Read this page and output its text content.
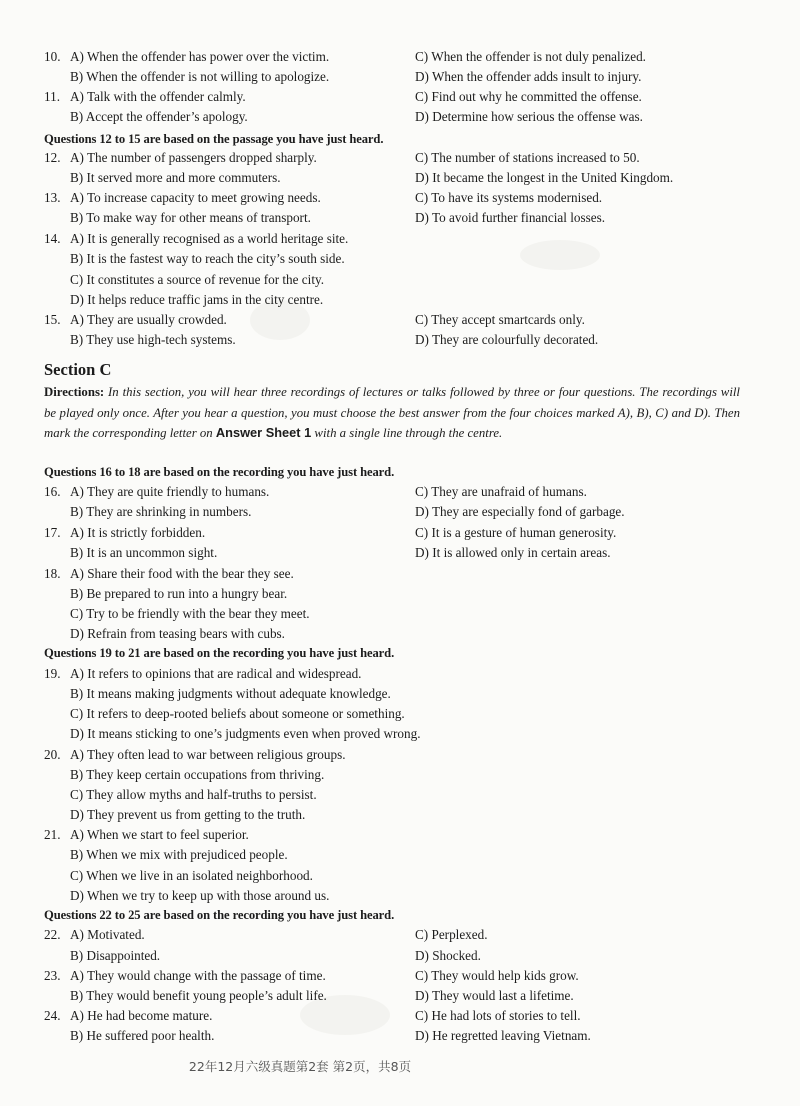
10. A) When the offender has power over the victim.	C) When the offender is not duly penalized.
B) When the offender is not willing to apologize.	D) When the offender adds insult to injury.
11. A) Talk with the offender calmly.	C) Find out why he committed the offense.
B) Accept the offender’s apology.	D) Determine how serious the offense was.
12. A) The number of passengers dropped sharply.	C) The number of stations increased to 50.
B) It served more and more commuters.	D) It became the longest in the United Kingdom.
13. A) To increase capacity to meet growing needs.	C) To have its systems modernised.
B) To make way for other means of transport.	D) To avoid further financial losses.
14. A) It is generally recognised as a world heritage site.
B) It is the fastest way to reach the city’s south side.
C) It constitutes a source of revenue for the city.
D) It helps reduce traffic jams in the city centre.
15. A) They are usually crowded.	C) They accept smartcards only.
B) They use high-tech systems.	D) They are colourfully decorated.
16. A) They are quite friendly to humans.	C) They are unafraid of humans.
B) They are shrinking in numbers.	D) They are especially fond of garbage.
17. A) It is strictly forbidden.	C) It is a gesture of human generosity.
B) It is an uncommon sight.	D) It is allowed only in certain areas.
18. A) Share their food with the bear they see.
B) Be prepared to run into a hungry bear.
C) Try to be friendly with the bear they meet.
D) Refrain from teasing bears with cubs.
19. A) It refers to opinions that are radical and widespread.
B) It means making judgments without adequate knowledge.
C) It refers to deep-rooted beliefs about someone or something.
D) It means sticking to one’s judgments even when proved wrong.
20. A) They often lead to war between religious groups.
B) They keep certain occupations from thriving.
C) They allow myths and half-truths to persist.
D) They prevent us from getting to the truth.
21. A) When we start to feel superior.
B) When we mix with prejudiced people.
C) When we live in an isolated neighborhood.
D) When we try to keep up with those around us.
22. A) Motivated.	C) Perplexed.
B) Disappointed.	D) Shocked.
23. A) They would change with the passage of time.	C) They would help kids grow.
B) They would benefit young people’s adult life.	D) They would last a lifetime.
24. A) He had become mature.	C) He had lots of stories to tell.
B) He suffered poor health.	D) He regretted leaving Vietnam.
Questions 12 to 15 are based on the passage you have just heard.
Section C
Directions: In this section, you will hear three recordings of lectures or talks followed by three or four questions. The recordings will be played only once. After you hear a question, you must choose the best answer from the four choices marked A), B), C) and D). Then mark the corresponding letter on Answer Sheet 1 with a single line through the centre.
Questions 16 to 18 are based on the recording you have just heard.
Questions 19 to 21 are based on the recording you have just heard.
Questions 22 to 25 are based on the recording you have just heard.
22年12月六级真题第2套 第2页，共8页
